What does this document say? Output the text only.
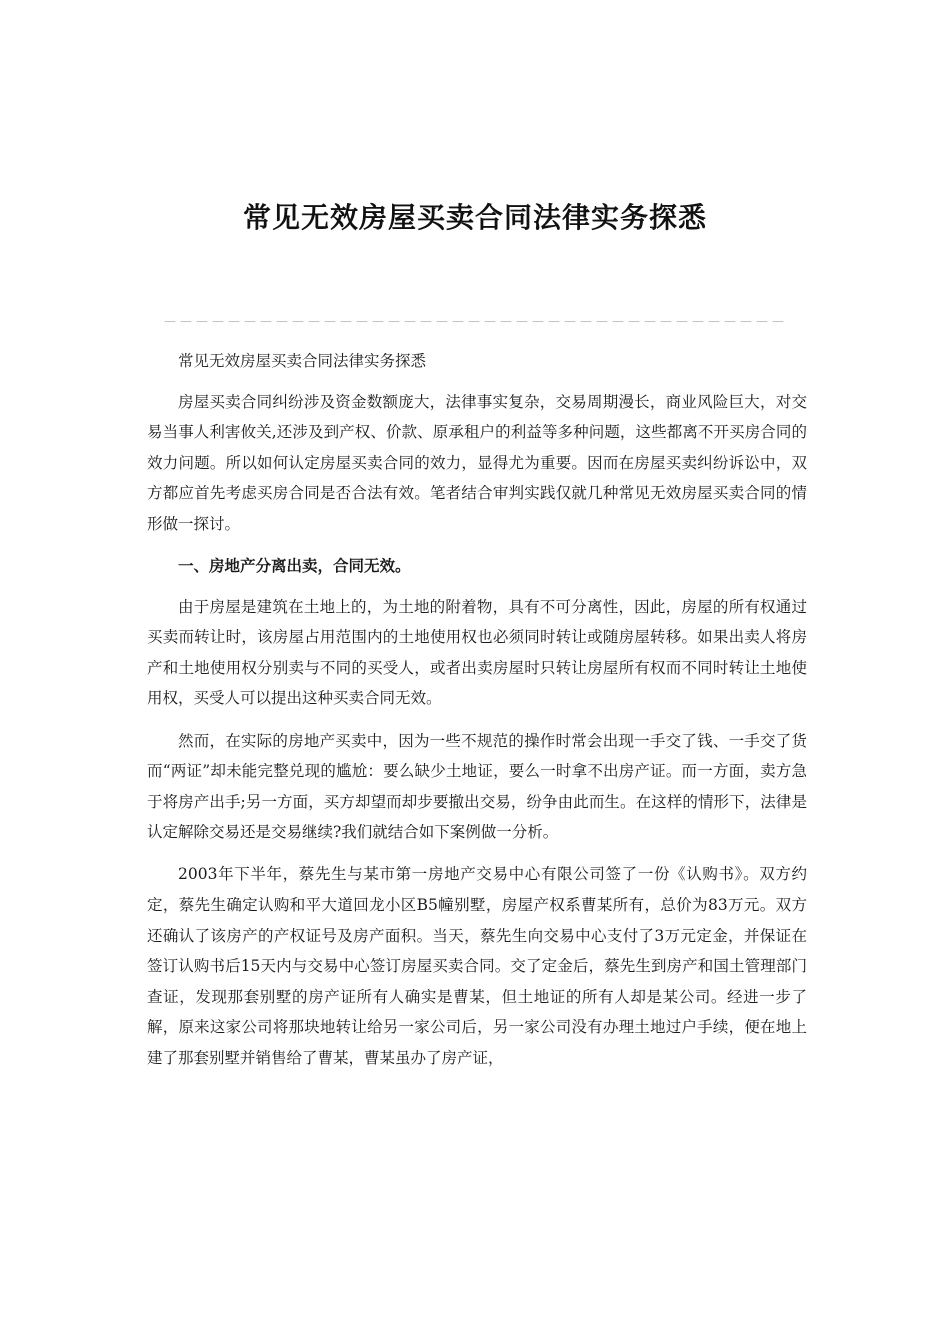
常见无效房屋买卖合同法律实务探悉
－－－－－－－－－－－－－－－－－－－－－－－－－－－－－－－－－－－－－－－

常见无效房屋买卖合同法律实务探悉

房屋买卖合同纠纷涉及资金数额庞大，法律事实复杂，交易周期漫长，商业风险巨大，对交易当事人利害攸关,还涉及到产权、价款、原承租户的利益等多种问题，这些都离不开买房合同的效力问题。所以如何认定房屋买卖合同的效力，显得尤为重要。因而在房屋买卖纠纷诉讼中，双方都应首先考虑买房合同是否合法有效。笔者结合审判实践仅就几种常见无效房屋买卖合同的情形做一探讨。

一、房地产分离出卖，合同无效。

由于房屋是建筑在土地上的，为土地的附着物，具有不可分离性，因此，房屋的所有权通过买卖而转让时，该房屋占用范围内的土地使用权也必须同时转让或随房屋转移。如果出卖人将房产和土地使用权分别卖与不同的买受人，或者出卖房屋时只转让房屋所有权而不同时转让土地使用权，买受人可以提出这种买卖合同无效。

然而，在实际的房地产买卖中，因为一些不规范的操作时常会出现一手交了钱、一手交了货而“两证”却未能完整兑现的尴尬：要么缺少土地证，要么一时拿不出房产证。而一方面，卖方急于将房产出手;另一方面，买方却望而却步要撤出交易，纷争由此而生。在这样的情形下，法律是认定解除交易还是交易继续?我们就结合如下案例做一分析。

2003年下半年，蔡先生与某市第一房地产交易中心有限公司签了一份《认购书》。双方约定，蔡先生确定认购和平大道回龙小区B5幢别墅，房屋产权系曹某所有，总价为83万元。双方还确认了该房产的产权证号及房产面积。当天，蔡先生向交易中心支付了3万元定金，并保证在签订认购书后15天内与交易中心签订房屋买卖合同。交了定金后，蔡先生到房产和国土管理部门查证，发现那套别墅的房产证所有人确实是曹某，但土地证的所有人却是某公司。经进一步了解，原来这家公司将那块地转让给另一家公司后，另一家公司没有办理土地过户手续，便在地上建了那套别墅并销售给了曹某，曹某虽办了房产证，
